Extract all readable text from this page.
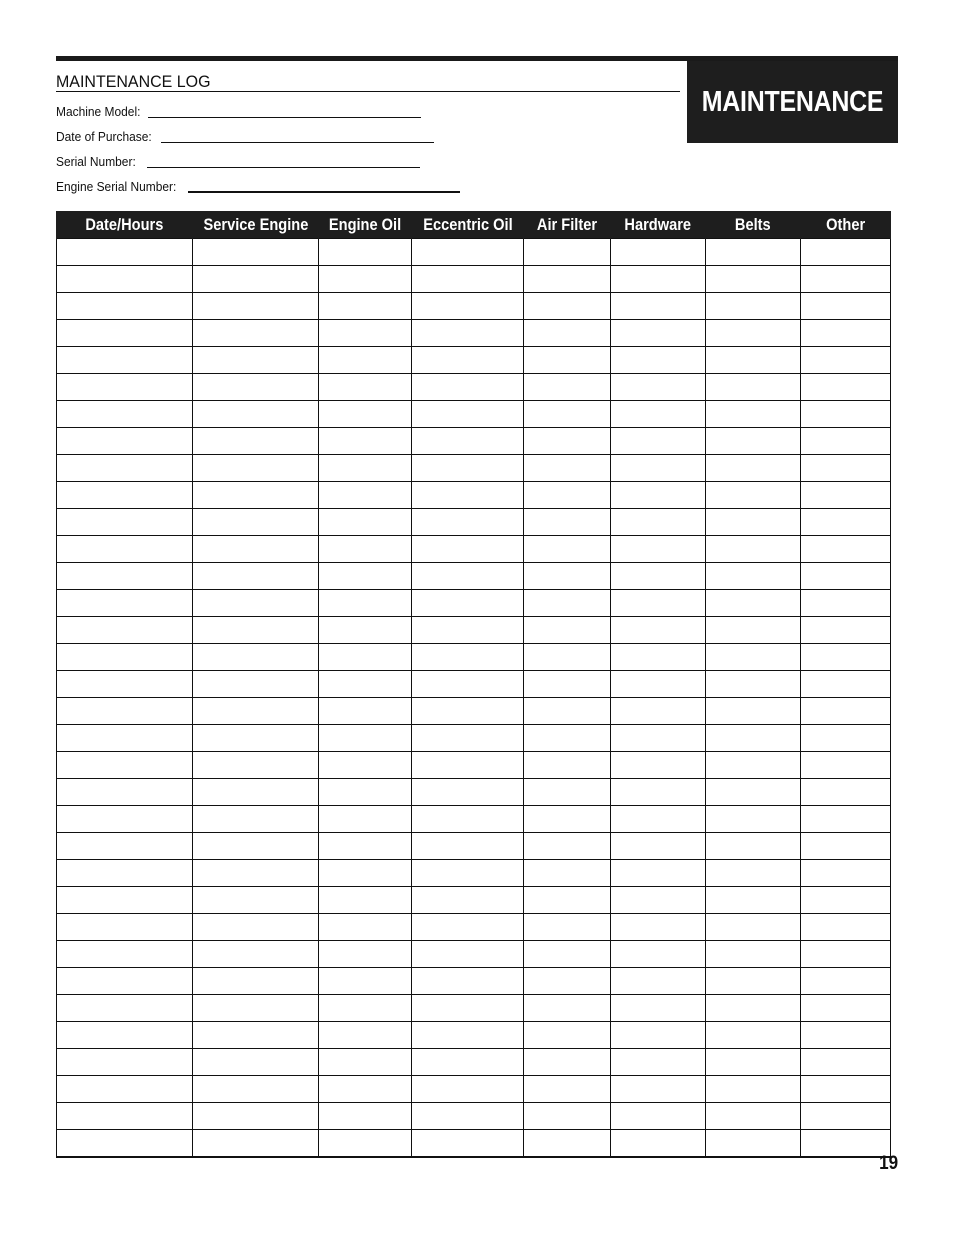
MAINTENANCE
MAINTENANCE LOG
Machine Model:
Date of Purchase:
Serial Number:
Engine Serial Number:
Date/Hours	Service Engine	Engine Oil	Eccentric Oil	Air Filter	Hardware	Belts	Other

19
